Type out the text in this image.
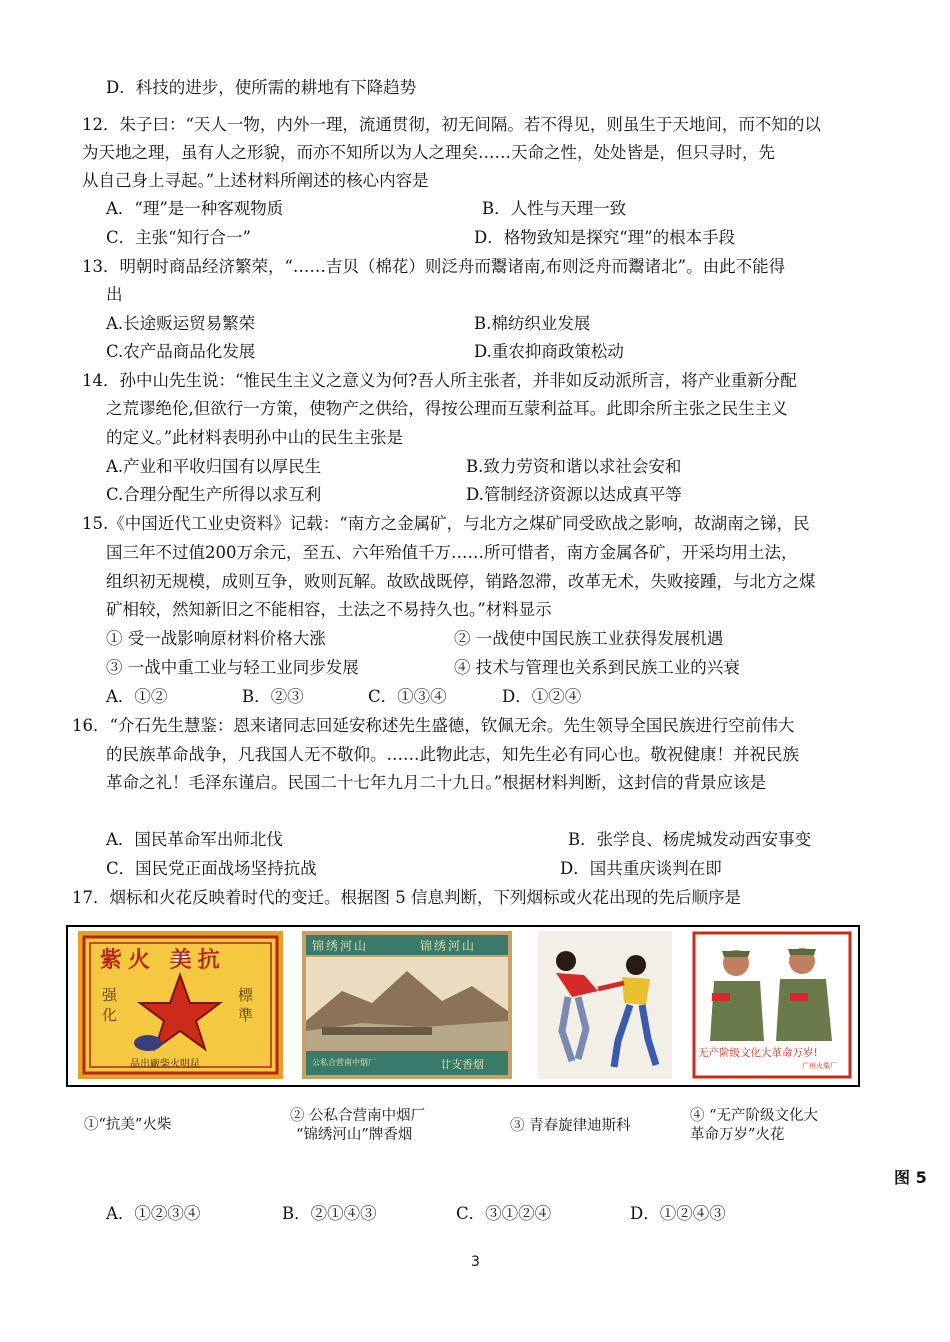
D．科技的进步，使所需的耕地有下降趋势
12．朱子曰：“天人一物，内外一理，流通贯彻，初无间隔。若不得见，则虽生于天地间，而不知的以
为天地之理，虽有人之形貌，而亦不知所以为人之理矣……天命之性，处处皆是，但只寻时，先
从自己身上寻起。”上述材料所阐述的核心内容是
A．“理”是一种客观物质	B．人性与天理一致
C．主张“知行合一”	D．格物致知是探究“理”的根本手段
13．明朝时商品经济繁荣，“……吉贝（棉花）则泛舟而鬻诸南,布则泛舟而鬻诸北”。由此不能得
出
A.长途贩运贸易繁荣	B.棉纺织业发展
C.农产品商品化发展	D.重农抑商政策松动
14．孙中山先生说：“惟民生主义之意义为何?吾人所主张者，并非如反动派所言，将产业重新分配
之荒谬绝伦,但欲行一方策，使物产之供给，得按公理而互蒙利益耳。此即余所主张之民生主义
的定义。”此材料表明孙中山的民生主张是
A.产业和平收归国有以厚民生	B.致力劳资和谐以求社会安和
C.合理分配生产所得以求互利	D.管制经济资源以达成真平等
15.《中国近代工业史资料》记载：“南方之金属矿，与北方之煤矿同受欧战之影响，故湖南之锑，民
国三年不过值200万余元，至五、六年殆值千万……所可惜者，南方金属各矿，开采均用土法，
组织初无规模，成则互争，败则瓦解。故欧战既停，销路忽滞，改革无术，失败接踵，与北方之煤
矿相较，然知新旧之不能相容，土法之不易持久也。”材料显示
① 受一战影响原材料价格大涨	② 一战使中国民族工业获得发展机遇
③ 一战中重工业与轻工业同步发展	④ 技术与管理也关系到民族工业的兴衰
A．①②	B．②③	C．①③④	D．①②④
16．“介石先生慧鉴：恩来诸同志回延安称述先生盛德，钦佩无余。先生领导全国民族进行空前伟大
的民族革命战争，凡我国人无不敬仰。……此物此志，知先生必有同心也。敬祝健康！并祝民族
革命之礼！毛泽东谨启。民国二十七年九月二十九日。”根据材料判断，这封信的背景应该是
A．国民革命军出师北伐	B．张学良、杨虎城发动西安事变
C．国民党正面战场坚持抗战	D．国共重庆谈判在即
17．烟标和火花反映着时代的变迁。根据图 5 信息判断，下列烟标或火花出现的先后顺序是
紫火 美抗
强化
標準
品出廠柴火明昆
锦绣河山	锦绣河山
公私合营南中烟厂	廿支香烟
无产阶级文化大革命万岁!
广州火柴厂
①“抗美”火柴
② 公私合营南中烟厂
“锦绣河山”牌香烟
③ 青春旋律迪斯科
④ “无产阶级文化大
革命万岁”火花
图 5
A．①②③④	B．②①④③	C．③①②④	D．①②④③
3
